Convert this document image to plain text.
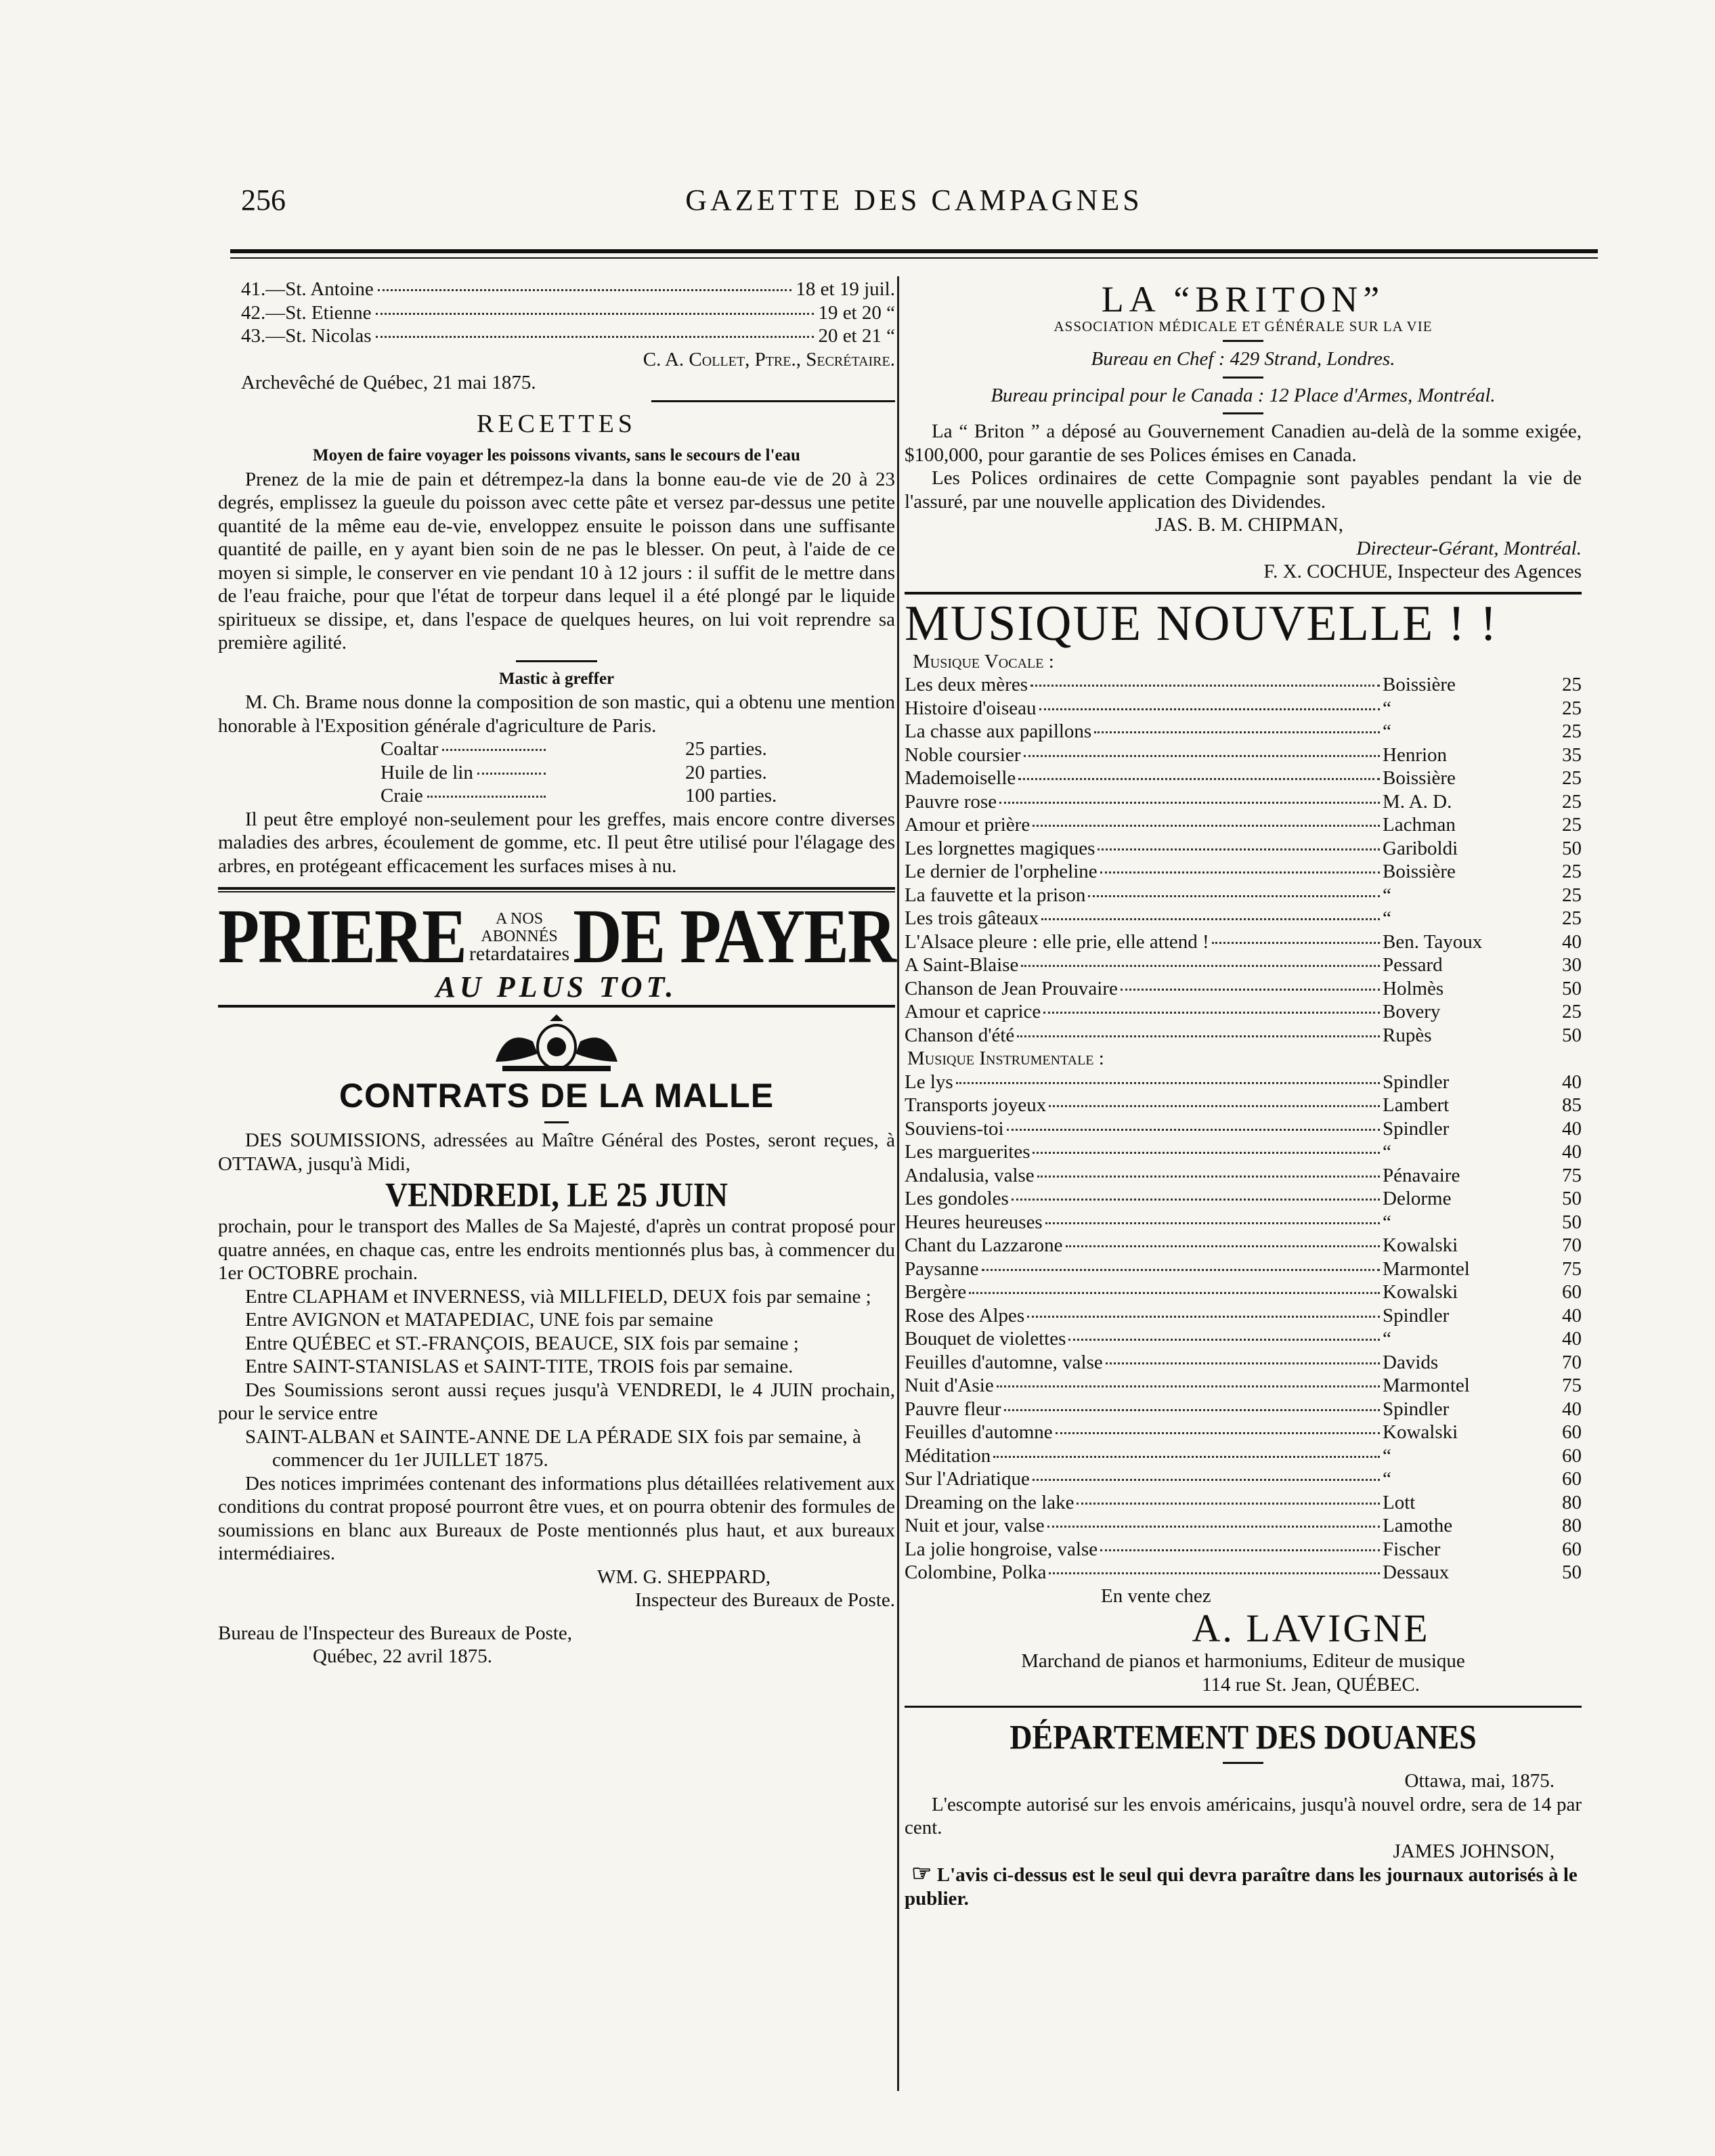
256	GAZETTE DES CAMPAGNES
41.—St. Antoine	18 et 19 juil.
42.—St. Etienne	19 et 20 “
43.—St. Nicolas	20 et 21 “

C. A. Collet, Ptre., Secrétaire.

Archevêché de Québec, 21 mai 1875.

RECETTES

Moyen de faire voyager les poissons vivants, sans le secours de l'eau

Prenez de la mie de pain et détrempez-la dans la bonne eau-de vie de 20 à 23 degrés, emplissez la gueule du poisson avec cette pâte et versez par-dessus une petite quantité de la même eau de-vie, enveloppez ensuite le poisson dans une suffisante quantité de paille, en y ayant bien soin de ne pas le blesser. On peut, à l'aide de ce moyen si simple, le conserver en vie pendant 10 à 12 jours : il suffit de le mettre dans de l'eau fraiche, pour que l'état de torpeur dans lequel il a été plongé par le liquide spiritueux se dissipe, et, dans l'espace de quelques heures, on lui voit reprendre sa première agilité.

Mastic à greffer

M. Ch. Brame nous donne la composition de son mastic, qui a obtenu une mention honorable à l'Exposition générale d'agriculture de Paris.

Coaltar	25 parties.
Huile de lin	20 parties.
Craie	100 parties.

Il peut être employé non-seulement pour les greffes, mais encore contre diverses maladies des arbres, écoulement de gomme, etc. Il peut être utilisé pour l'élagage des arbres, en protégeant efficacement les surfaces mises à nu.

PRIERE A NOS
ABONNÉS
retardataires DE PAYER
AU PLUS TOT.

CONTRATS DE LA MALLE

DES SOUMISSIONS, adressées au Maître Général des Postes, seront reçues, à OTTAWA, jusqu'à Midi,

VENDREDI, LE 25 JUIN

prochain, pour le transport des Malles de Sa Majesté, d'après un contrat proposé pour quatre années, en chaque cas, entre les endroits mentionnés plus bas, à commencer du 1er OCTOBRE prochain.

Entre CLAPHAM et INVERNESS, vià MILLFIELD, DEUX fois par semaine ;

Entre AVIGNON et MATAPEDIAC, UNE fois par semaine

Entre QUÉBEC et ST.-FRANÇOIS, BEAUCE, SIX fois par semaine ;

Entre SAINT-STANISLAS et SAINT-TITE, TROIS fois par semaine.

Des Soumissions seront aussi reçues jusqu'à VENDREDI, le 4 JUIN prochain, pour le service entre

SAINT-ALBAN et SAINTE-ANNE DE LA PÉRADE SIX fois par semaine, à commencer du 1er JUILLET 1875.

Des notices imprimées contenant des informations plus détaillées relativement aux conditions du contrat proposé pourront être vues, et on pourra obtenir des formules de soumissions en blanc aux Bureaux de Poste mentionnés plus haut, et aux bureaux intermédiaires.

WM. G. SHEPPARD,

Inspecteur des Bureaux de Poste.

Bureau de l'Inspecteur des Bureaux de Poste,

Québec, 22 avril 1875.

LA “BRITON”

ASSOCIATION MÉDICALE ET GÉNÉRALE SUR LA VIE

Bureau en Chef : 429 Strand, Londres.

Bureau principal pour le Canada : 12 Place d'Armes, Montréal.

La “ Briton ” a déposé au Gouvernement Canadien au-delà de la somme exigée, $100,000, pour garantie de ses Polices émises en Canada.

Les Polices ordinaires de cette Compagnie sont payables pendant la vie de l'assuré, par une nouvelle application des Dividendes.

JAS. B. M. CHIPMAN,

Directeur-Gérant, Montréal.

F. X. COCHUE, Inspecteur des Agences

MUSIQUE NOUVELLE ! !

Musique Vocale :

Les deux mères	Boissière	25
Histoire d'oiseau	“	25
La chasse aux papillons	“	25
Noble coursier	Henrion	35
Mademoiselle	Boissière	25
Pauvre rose	M. A. D.	25
Amour et prière	Lachman	25
Les lorgnettes magiques	Gariboldi	50
Le dernier de l'orpheline	Boissière	25
La fauvette et la prison	“	25
Les trois gâteaux	“	25
L'Alsace pleure : elle prie, elle attend !	Ben. Tayoux	40
A Saint-Blaise	Pessard	30
Chanson de Jean Prouvaire	Holmès	50
Amour et caprice	Bovery	25
Chanson d'été	Rupès	50

Musique Instrumentale :

Le lys	Spindler	40
Transports joyeux	Lambert	85
Souviens-toi	Spindler	40
Les marguerites	“	40
Andalusia, valse	Pénavaire	75
Les gondoles	Delorme	50
Heures heureuses	“	50
Chant du Lazzarone	Kowalski	70
Paysanne	Marmontel	75
Bergère	Kowalski	60
Rose des Alpes	Spindler	40
Bouquet de violettes	“	40
Feuilles d'automne, valse	Davids	70
Nuit d'Asie	Marmontel	75
Pauvre fleur	Spindler	40
Feuilles d'automne	Kowalski	60
Méditation	“	60
Sur l'Adriatique	“	60
Dreaming on the lake	Lott	80
Nuit et jour, valse	Lamothe	80
La jolie hongroise, valse	Fischer	60
Colombine, Polka	Dessaux	50

En vente chez

A. LAVIGNE

Marchand de pianos et harmoniums, Editeur de musique

114 rue St. Jean, QUÉBEC.

DÉPARTEMENT DES DOUANES

Ottawa, mai, 1875.

L'escompte autorisé sur les envois américains, jusqu'à nouvel ordre, sera de 14 par cent.

JAMES JOHNSON,

☞ L'avis ci-dessus est le seul qui devra paraître dans les journaux autorisés à le publier.
